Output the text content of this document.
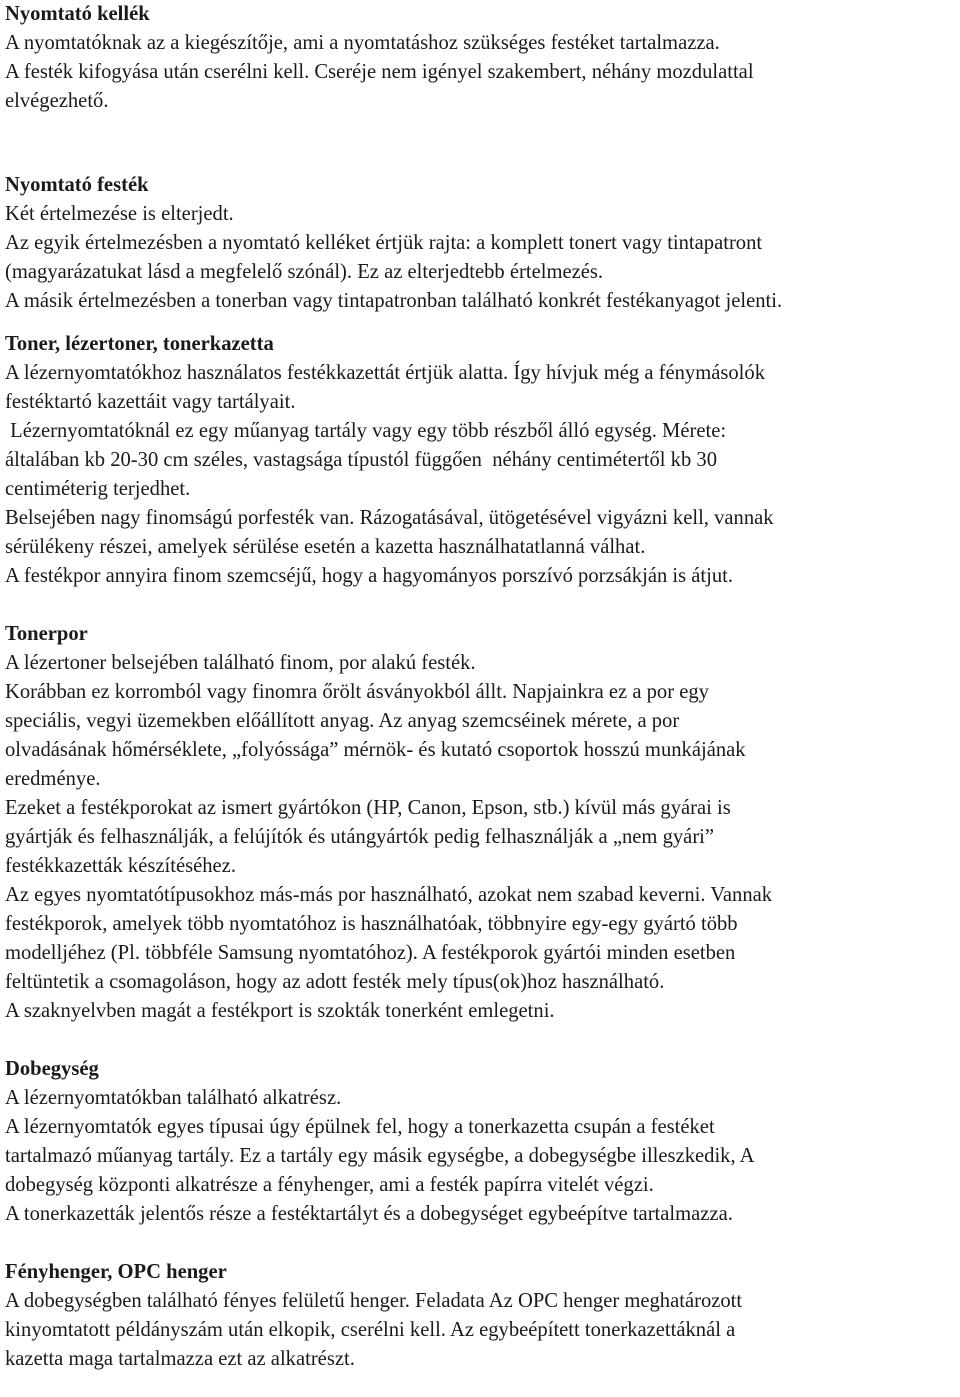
Nyomtató kellék

A nyomtatóknak az a kiegészítője, ami a nyomtatáshoz szükséges festéket tartalmazza.

A festék kifogyása után cserélni kell. Cseréje nem igényel szakembert, néhány mozdulattal

elvégezhető.

Nyomtató festék

Két értelmezése is elterjedt.

Az egyik értelmezésben a nyomtató kelléket értjük rajta: a komplett tonert vagy tintapatront

(magyarázatukat lásd a megfelelő szónál). Ez az elterjedtebb értelmezés.

A másik értelmezésben a tonerban vagy tintapatronban található konkrét festékanyagot jelenti.

Toner, lézertoner, tonerkazetta

A lézernyomtatókhoz használatos festékkazettát értjük alatta. Így hívjuk még a fénymásolók

festéktartó kazettáit vagy tartályait.

Lézernyomtatóknál ez egy műanyag tartály vagy egy több részből álló egység. Mérete:

általában kb 20-30 cm széles, vastagsága típustól függően  néhány centimétertől kb 30

centiméterig terjedhet.

Belsejében nagy finomságú porfesték van. Rázogatásával, ütögetésével vigyázni kell, vannak

sérülékeny részei, amelyek sérülése esetén a kazetta használhatatlanná válhat.

A festékpor annyira finom szemcséjű, hogy a hagyományos porszívó porzsákján is átjut.

Tonerpor

A lézertoner belsejében található finom, por alakú festék.

Korábban ez korromból vagy finomra őrölt ásványokból állt. Napjainkra ez a por egy

speciális, vegyi üzemekben előállított anyag. Az anyag szemcséinek mérete, a por

olvadásának hőmérséklete, „folyóssága” mérnök- és kutató csoportok hosszú munkájának

eredménye.

Ezeket a festékporokat az ismert gyártókon (HP, Canon, Epson, stb.) kívül más gyárai is

gyártják és felhasználják, a felújítók és utángyártók pedig felhasználják a „nem gyári”

festékkazetták készítéséhez.

Az egyes nyomtatótípusokhoz más-más por használható, azokat nem szabad keverni. Vannak

festékporok, amelyek több nyomtatóhoz is használhatóak, többnyire egy-egy gyártó több

modelljéhez (Pl. többféle Samsung nyomtatóhoz). A festékporok gyártói minden esetben

feltüntetik a csomagoláson, hogy az adott festék mely típus(ok)hoz használható.

A szaknyelvben magát a festékport is szokták tonerként emlegetni.

Dobegység

A lézernyomtatókban található alkatrész.

A lézernyomtatók egyes típusai úgy épülnek fel, hogy a tonerkazetta csupán a festéket

tartalmazó műanyag tartály. Ez a tartály egy másik egységbe, a dobegységbe illeszkedik, A

dobegység központi alkatrésze a fényhenger, ami a festék papírra vitelét végzi.

A tonerkazetták jelentős része a festéktartályt és a dobegységet egybeépítve tartalmazza.

Fényhenger, OPC henger

A dobegységben található fényes felületű henger. Feladata Az OPC henger meghatározott

kinyomtatott példányszám után elkopik, cserélni kell. Az egybeépített tonerkazettáknál a

kazetta maga tartalmazza ezt az alkatrészt.
